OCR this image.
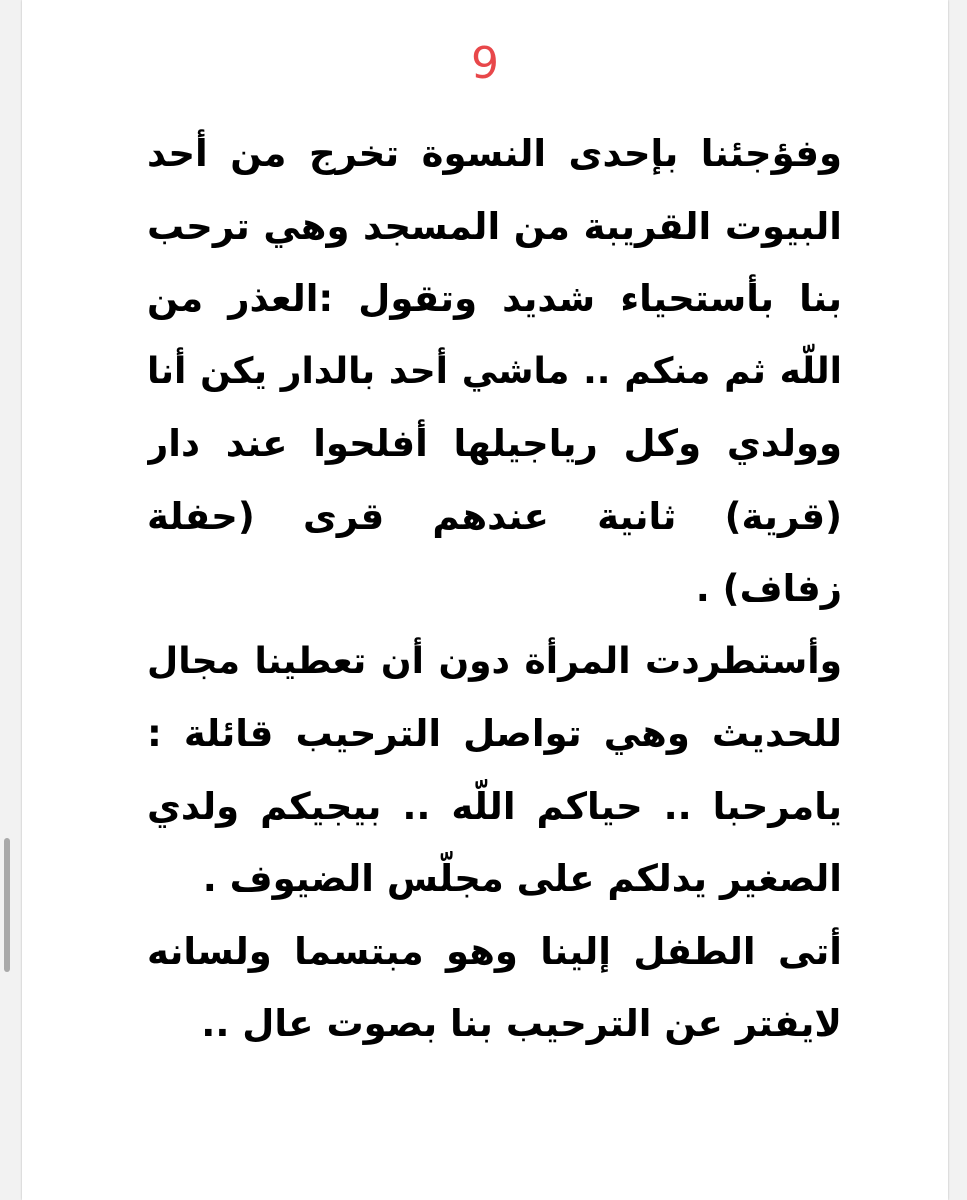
9
وفؤجئنا بإحدى النسوة تخرج من أحد
البيوت القريبة من المسجد وهي ترحب
بنا بأستحياء شديد وتقول :العذر من
اللّه ثم منكم .. ماشي أحد بالدار يكن أنا
وولدي وكل رياجيلها أفلحوا عند دار
(قرية) ثانية عندهم قرى (حفلة
زفاف) .
وأستطردت المرأة دون أن تعطينا مجال
للحديث وهي تواصل الترحيب قائلة :
يامرحبا .. حياكم اللّه .. بيجيكم ولدي
الصغير يدلكم على مجلّس الضيوف .
أتى الطفل إلينا وهو مبتسما ولسانه
لايفتر عن الترحيب بنا بصوت عال ..
